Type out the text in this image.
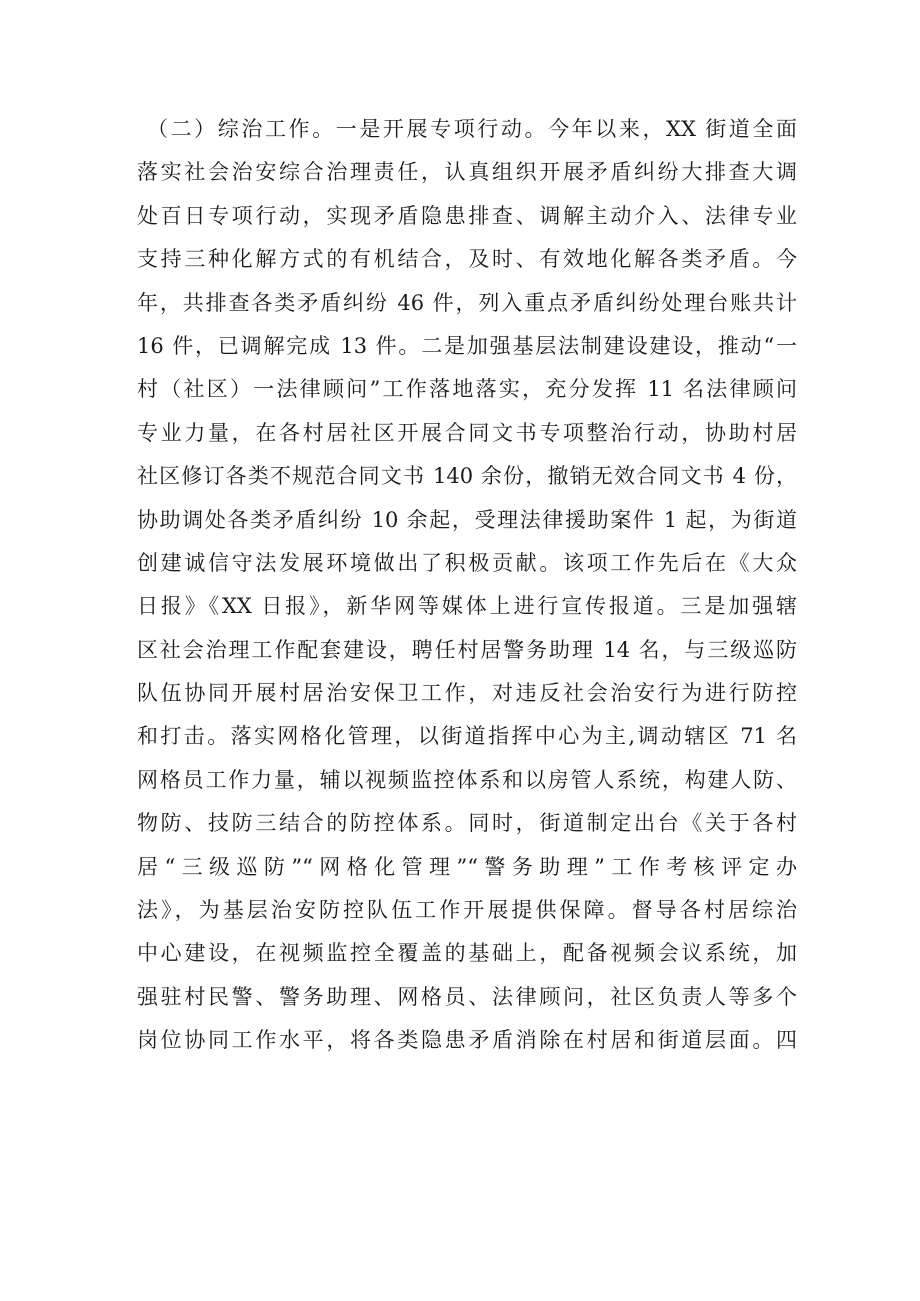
（二）综治工作。一是开展专项行动。今年以来，XX 街道全面
落实社会治安综合治理责任，认真组织开展矛盾纠纷大排查大调
处百日专项行动，实现矛盾隐患排查、调解主动介入、法律专业
支持三种化解方式的有机结合，及时、有效地化解各类矛盾。今
年，共排查各类矛盾纠纷 46 件，列入重点矛盾纠纷处理台账共计
16 件，已调解完成 13 件。二是加强基层法制建设建设，推动“一
村（社区）一法律顾问”工作落地落实，充分发挥 11 名法律顾问
专业力量，在各村居社区开展合同文书专项整治行动，协助村居
社区修订各类不规范合同文书 140 余份，撤销无效合同文书 4 份，
协助调处各类矛盾纠纷 10 余起，受理法律援助案件 1 起，为街道
创建诚信守法发展环境做出了积极贡献。该项工作先后在《大众
日报》《XX 日报》，新华网等媒体上进行宣传报道。三是加强辖
区社会治理工作配套建设，聘任村居警务助理 14 名，与三级巡防
队伍协同开展村居治安保卫工作，对违反社会治安行为进行防控
和打击。落实网格化管理，以街道指挥中心为主,调动辖区 71 名
网格员工作力量，辅以视频监控体系和以房管人系统，构建人防、
物防、技防三结合的防控体系。同时，街道制定出台《关于各村
居“三级巡防”“网格化管理”“警务助理”工作考核评定办
法》，为基层治安防控队伍工作开展提供保障。督导各村居综治
中心建设，在视频监控全覆盖的基础上，配备视频会议系统，加
强驻村民警、警务助理、网格员、法律顾问，社区负责人等多个
岗位协同工作水平，将各类隐患矛盾消除在村居和街道层面。四
